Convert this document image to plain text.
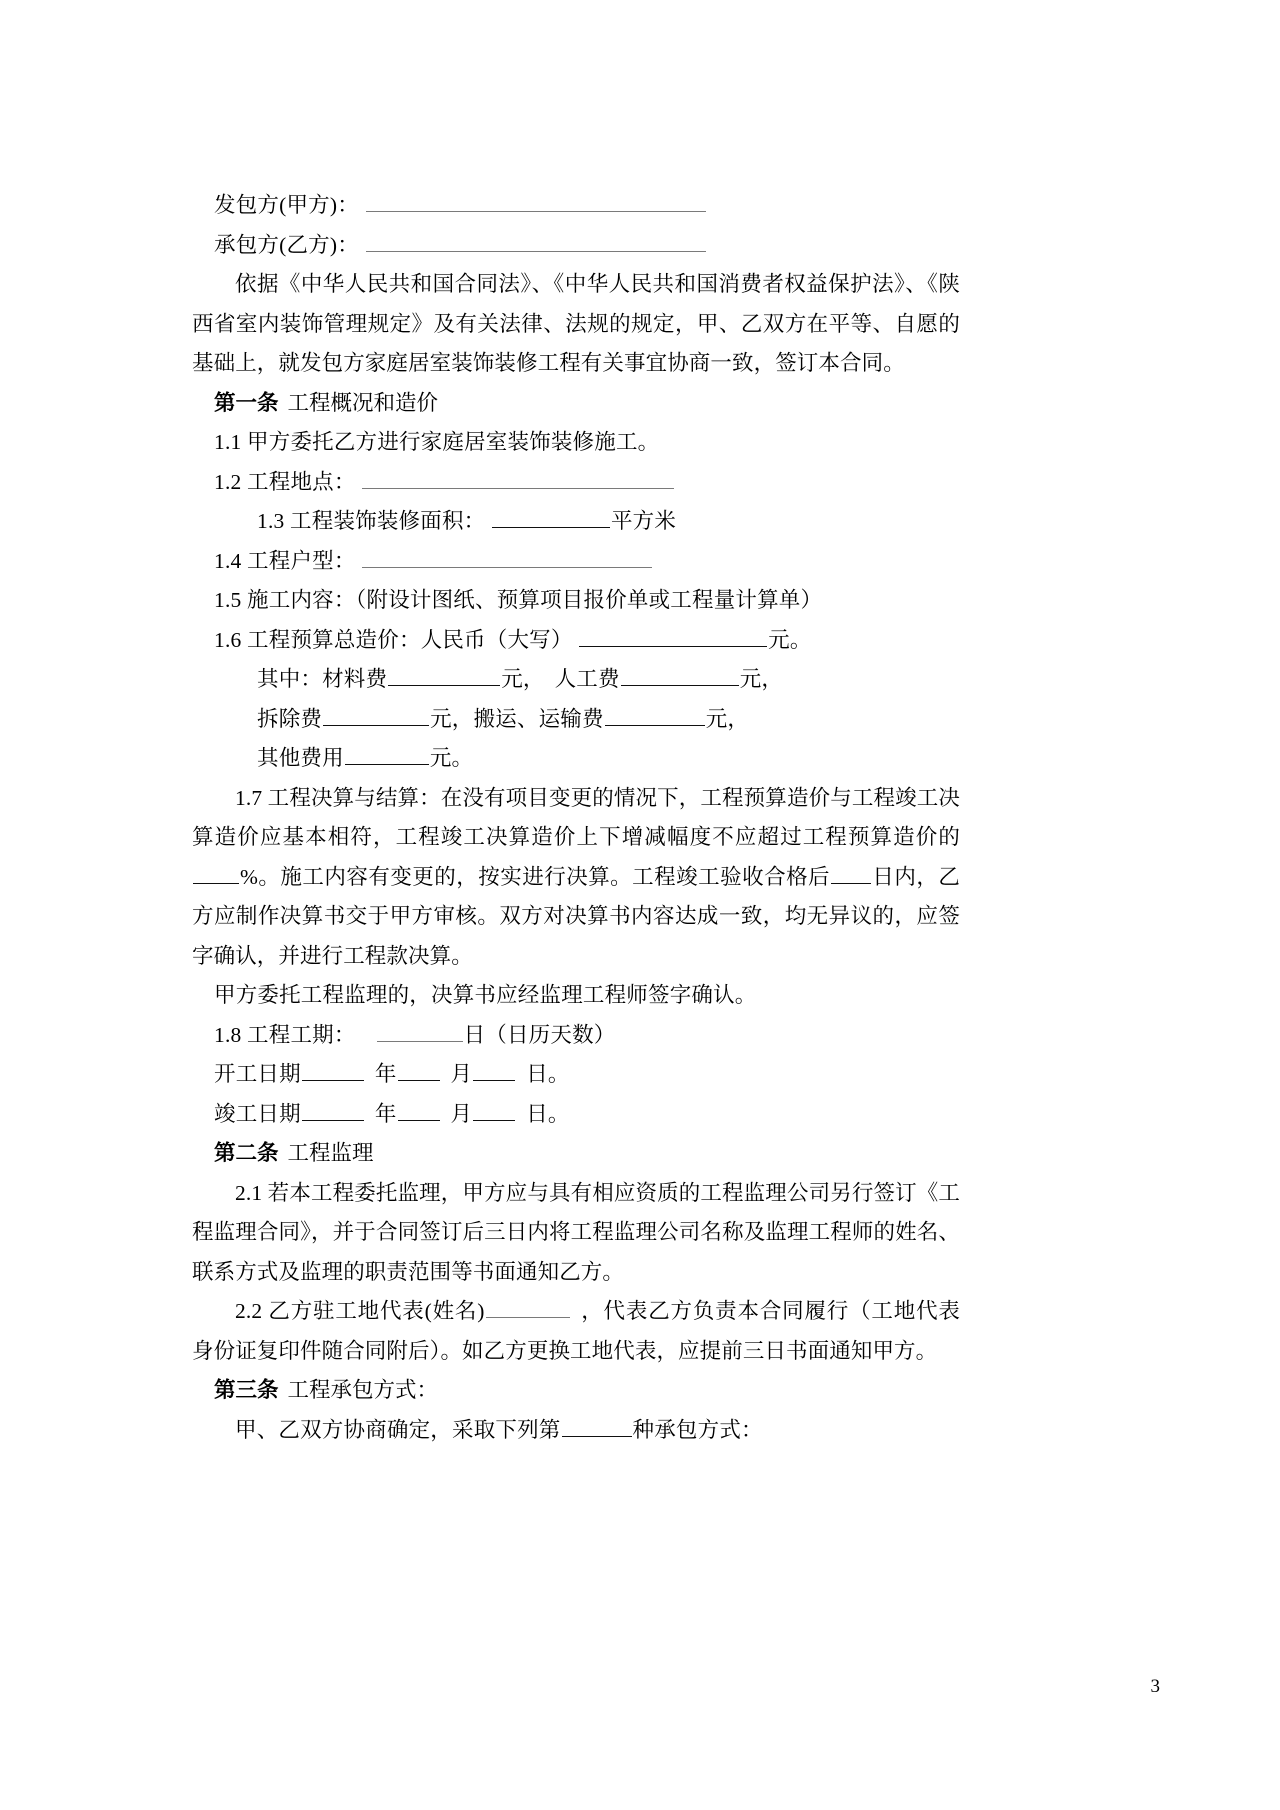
发包方(甲方)：
承包方(乙方)：
依据《中华人民共和国合同法》、《中华人民共和国消费者权益保护法》、《陕西省室内装饰管理规定》及有关法律、法规的规定，甲、乙双方在平等、自愿的基础上，就发包方家庭居室装饰装修工程有关事宜协商一致，签订本合同。
第一条 工程概况和造价
1.1 甲方委托乙方进行家庭居室装饰装修施工。
1.2 工程地点：
1.3 工程装饰装修面积：	平方米
1.4 工程户型：
1.5 施工内容：（附设计图纸、预算项目报价单或工程量计算单）
1.6 工程预算总造价：人民币（大写）	元。
其中：材料费	元， 人工费	元，
拆除费	元，搬运、运输费	元，
其他费用	元。
1.7 工程决算与结算：在没有项目变更的情况下，工程预算造价与工程竣工决算造价应基本相符，工程竣工决算造价上下增减幅度不应超过工程预算造价的%。施工内容有变更的，按实进行决算。工程竣工验收合格后 日内，乙方应制作决算书交于甲方审核。双方对决算书内容达成一致，均无异议的，应签字确认，并进行工程款决算。
甲方委托工程监理的，决算书应经监理工程师签字确认。
1.8 工程工期：	日（日历天数）
开工日期	年	月	日。
竣工日期	年	月	日。
第二条 工程监理
2.1 若本工程委托监理，甲方应与具有相应资质的工程监理公司另行签订《工程监理合同》，并于合同签订后三日内将工程监理公司名称及监理工程师的姓名、联系方式及监理的职责范围等书面通知乙方。
2.2 乙方驻工地代表(姓名)	，代表乙方负责本合同履行（工地代表身份证复印件随合同附后）。如乙方更换工地代表，应提前三日书面通知甲方。
第三条 工程承包方式：
甲、乙双方协商确定，采取下列第	种承包方式：
3
